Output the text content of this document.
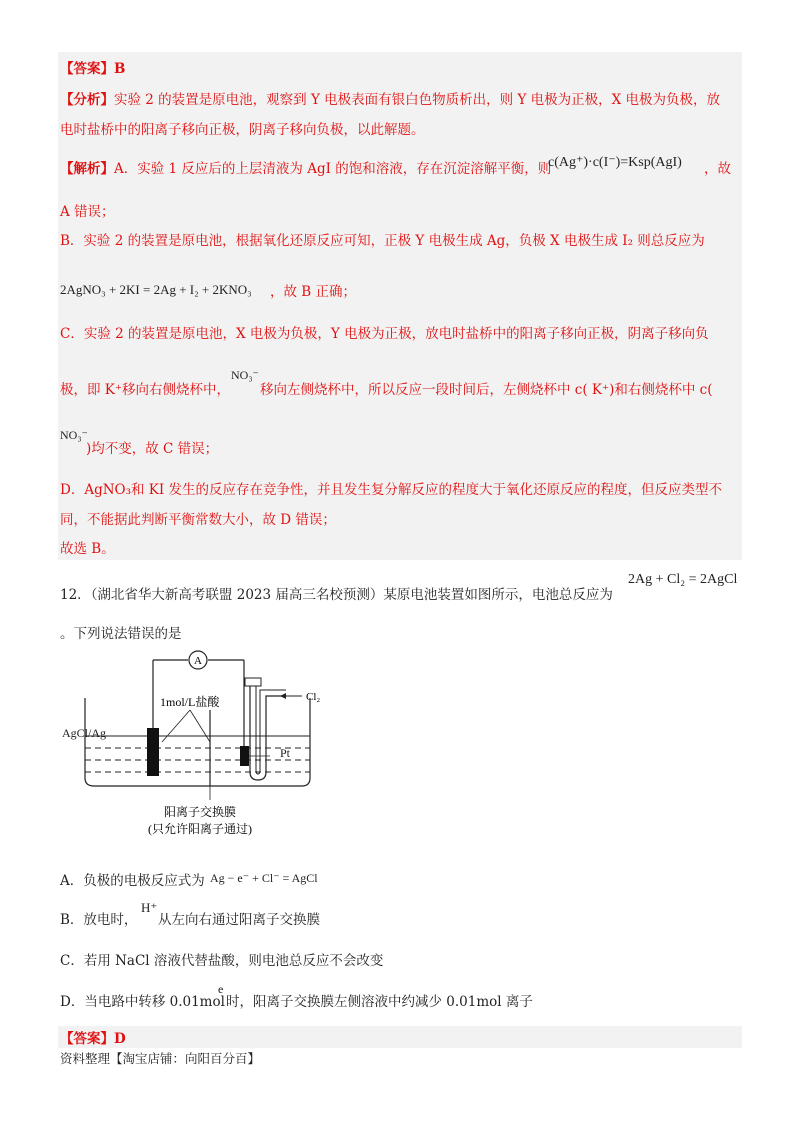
【答案】B
【分析】实验 2 的装置是原电池，观察到 Y 电极表面有银白色物质析出，则 Y 电极为正极，X 电极为负极，放
电时盐桥中的阳离子移向正极，阴离子移向负极，以此解题。
【解析】A．实验 1 反应后的上层清液为 AgI 的饱和溶液，存在沉淀溶解平衡，则
c(Ag⁺)·c(I⁻)=Ksp(AgI) ，故
A 错误；
B．实验 2 的装置是原电池，根据氧化还原反应可知，正极 Y 电极生成 Ag，负极 X 电极生成 I₂ 则总反应为
2AgNO₃ + 2KI = 2Ag + I₂ + 2KNO₃ ，故 B 正确；
C．实验 2 的装置是原电池，X 电极为负极，Y 电极为正极，放电时盐桥中的阳离子移向正极，阴离子移向负
极，即 K⁺移向右侧烧杯中，
NO₃⁻
移向左侧烧杯中，所以反应一段时间后，左侧烧杯中 c( K⁺)和右侧烧杯中 c(
NO₃⁻
)均不变，故 C 错误；
D．AgNO₃和 KI 发生的反应存在竞争性，并且发生复分解反应的程度大于氧化还原反应的程度，但反应类型不
同，不能据此判断平衡常数大小，故 D 错误；
故选 B。
12．（湖北省华大新高考联盟 2023 届高三名校预测）某原电池装置如图所示，电池总反应为
2Ag + Cl₂ = 2AgCl
。下列说法错误的是
A
Cl₂
1mol/L盐酸
阳离子交换膜
(只允许阳离子通过)
AgCl/Ag
Pt
A．负极的电极反应式为 Ag − e⁻ + Cl⁻ = AgCl
B．放电时，
H⁺
从左向右通过阳离子交换膜
C．若用 NaCl 溶液代替盐酸，则电池总反应不会改变
D．当电路中转移 0.01mol
e
时，阳离子交换膜左侧溶液中约减少 0.01mol 离子
【答案】D
资料整理【淘宝店铺：向阳百分百】
